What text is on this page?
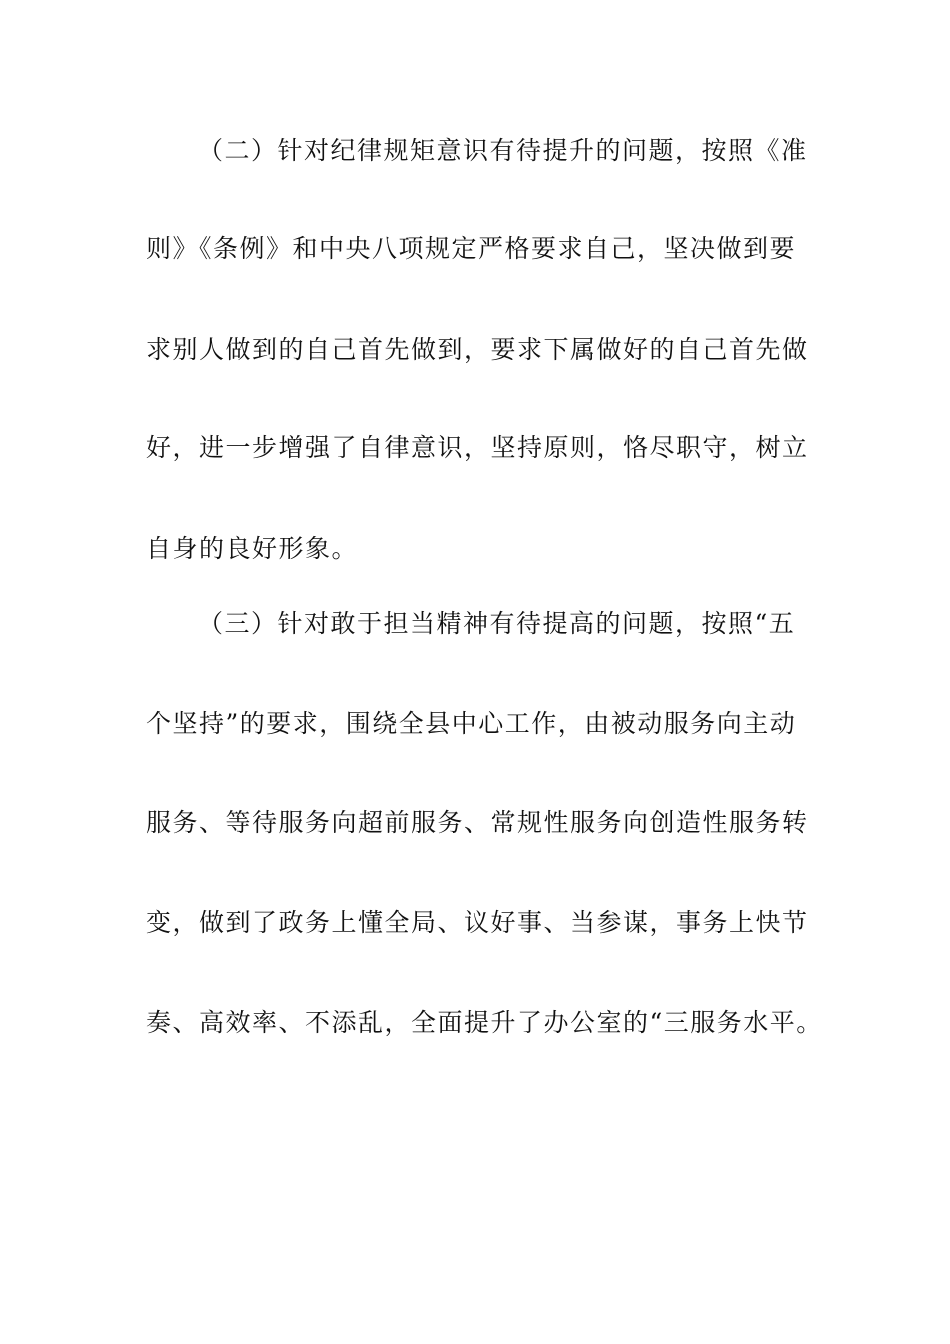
（二）针对纪律规矩意识有待提升的问题，按照《准
则》《条例》和中央八项规定严格要求自己，坚决做到要
求别人做到的自己首先做到，要求下属做好的自己首先做
好，进一步增强了自律意识，坚持原则，恪尽职守，树立
自身的良好形象。
（三）针对敢于担当精神有待提高的问题，按照“五
个坚持”的要求，围绕全县中心工作，由被动服务向主动
服务、等待服务向超前服务、常规性服务向创造性服务转
变，做到了政务上懂全局、议好事、当参谋，事务上快节
奏、高效率、不添乱，全面提升了办公室的“三服务水平。
